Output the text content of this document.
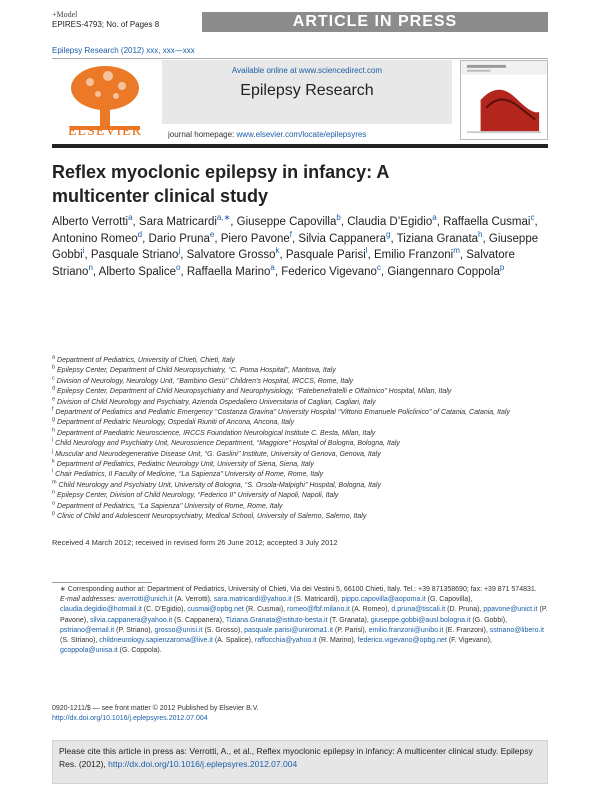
+Model
EPIRES-4793; No. of Pages 8	ARTICLE IN PRESS
Epilepsy Research (2012) xxx, xxx—xxx
ELSEVIER
Available online at www.sciencedirect.com
Epilepsy Research
journal homepage: www.elsevier.com/locate/epilepsyres
Reflex myoclonic epilepsy in infancy: A multicenter clinical study
Alberto Verrotti$^a$, Sara Matricardi$^{a,∗}$, Giuseppe Capovilla$^b$, Claudia D’Egidio$^a$, Raffaella Cusmai$^c$, Antonino Romeo$^d$, Dario Pruna$^e$, Piero Pavone$^f$, Silvia Cappanera$^g$, Tiziana Granata$^h$, Giuseppe Gobbi$^i$, Pasquale Striano$^j$, Salvatore Grosso$^k$, Pasquale Parisi$^l$, Emilio Franzoni$^m$, Salvatore Striano$^n$, Alberto Spalice$^o$, Raffaella Marino$^a$, Federico Vigevano$^c$, Giangennaro Coppola$^p$
$^a$ Department of Pediatrics, University of Chieti, Chieti, Italy
$^b$ Epilepsy Center, Department of Child Neuropsychiatry, ‘‘C. Poma Hospital’’, Mantova, Italy
$^c$ Division of Neurology, Neurology Unit, ‘‘Bambino Gesù’’ Children’s Hospital, IRCCS, Rome, Italy
$^d$ Epilepsy Center, Department of Child Neuropsychiatry and Neurophysiology, ‘‘Fatebenefratelli e Oftalmico’’ Hospital, Milan, Italy
$^e$ Division of Child Neurology and Psychiatry, Azienda Ospedaliero Universitaria of Cagliari, Cagliari, Italy
$^f$ Department of Pediatrics and Pediatric Emergency ‘‘Costanza Gravina’’ University Hospital ‘‘Vittorio Emanuele Policlinico’’ of Catania, Catania, Italy
$^g$ Department of Pediatric Neurology, Ospedali Riuniti of Ancona, Ancona, Italy
$^h$ Department of Paediatric Neuroscience, IRCCS Foundation Neurological Institute C. Besta, Milan, Italy
$^i$ Child Neurology and Psychiatry Unit, Neuroscience Department, ‘‘Maggiore’’ Hospital of Bologna, Bologna, Italy
$^j$ Muscular and Neurodegenerative Disease Unit, ‘‘G. Gaslini’’ Institute, University of Genova, Genova, Italy
$^k$ Department of Pediatrics, Pediatric Neurology Unit, University of Siena, Siena, Italy
$^l$ Chair Pediatrics, II Faculty of Medicine, ‘‘La Sapienza’’ University of Rome, Rome, Italy
$^m$ Child Neurology and Psychiatry Unit, University of Bologna, ‘‘S. Orsola-Malpighi’’ Hospital, Bologna, Italy
$^n$ Epilepsy Center, Division of Child Neurology, ‘‘Federico II’’ University of Napoli, Napoli, Italy
$^o$ Department of Pediatrics, ‘‘La Sapienza’’ University of Rome, Rome, Italy
$^p$ Clinic of Child and Adolescent Neuropsychiatry, Medical School, University of Salerno, Salerno, Italy
Received 4 March 2012; received in revised form 26 June 2012; accepted 3 July 2012
∗ Corresponding author at: Department of Pediatrics, University of Chieti, Via dei Vestini 5, 66100 Chieti, Italy. Tel.: +39 871358690; fax: +39 871 574831.
E-mail addresses: averrotti@unich.it (A. Verrotti), sara.matricardi@yahoo.it (S. Matricardi), pippo.capovilla@aopoma.it (G. Capovilla), claudia.degidio@hotmail.it (C. D’Egidio), cusmai@opbg.net (R. Cusmai), romeo@fbf.milano.it (A. Romeo), d.pruna@tiscali.it (D. Pruna), ppavone@unict.it (P. Pavone), silvia.cappanera@yahoo.it (S. Cappanera), Tiziana.Granata@istituto-besta.it (T. Granata), giuseppe.gobbi@ausl.bologna.it (G. Gobbi), pstriano@email.it (P. Striano), grosso@unisi.it (S. Grosso), pasquale.parisi@uniroma1.it (P. Parisi), emilio.franzoni@unibo.it (E. Franzoni), sstriano@libero.it (S. Striano), childneurology.sapienzaroma@live.it (A. Spalice), raffocchia@yahoo.it (R. Marino), federico.vigevano@opbg.net (F. Vigevano), gcoppola@unisa.it (G. Coppola).
0920-1211/$ — see front matter © 2012 Published by Elsevier B.V.
http://dx.doi.org/10.1016/j.eplepsyres.2012.07.004
Please cite this article in press as: Verrotti, A., et al., Reflex myoclonic epilepsy in infancy: A multicenter clinical study. Epilepsy Res. (2012), http://dx.doi.org/10.1016/j.eplepsyres.2012.07.004
